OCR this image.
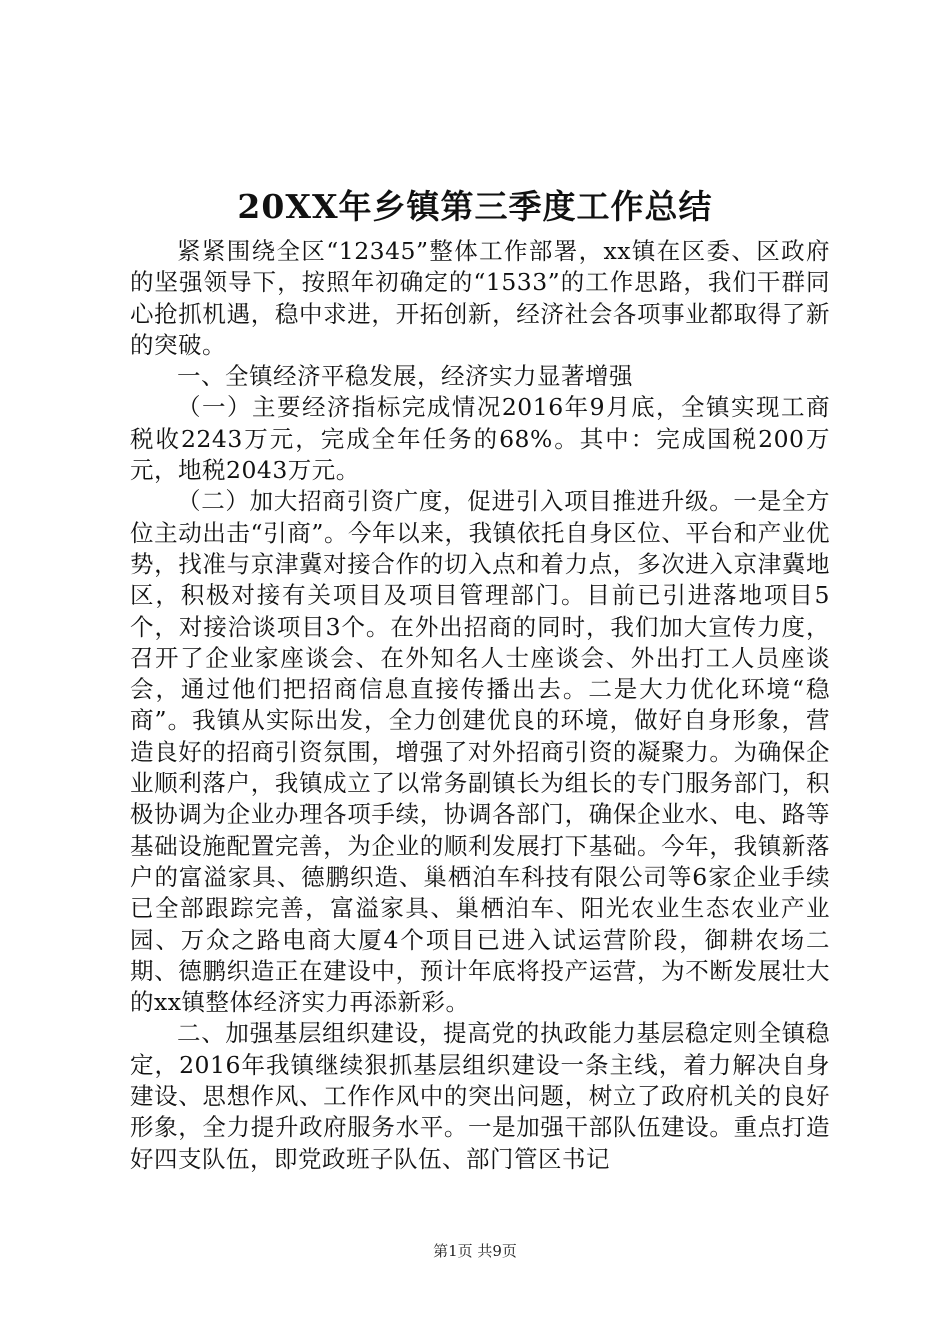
20XX年乡镇第三季度工作总结

紧紧围绕全区“12345”整体工作部署，xx镇在区委、区政府的坚强领导下，按照年初确定的“1533”的工作思路，我们干群同心抢抓机遇，稳中求进，开拓创新，经济社会各项事业都取得了新的突破。

一、全镇经济平稳发展，经济实力显著增强

（一）主要经济指标完成情况2016年9月底，全镇实现工商税收2243万元，完成全年任务的68%。其中：完成国税200万元，地税2043万元。

（二）加大招商引资广度，促进引入项目推进升级。一是全方位主动出击“引商”。今年以来，我镇依托自身区位、平台和产业优势，找准与京津冀对接合作的切入点和着力点，多次进入京津冀地区，积极对接有关项目及项目管理部门。目前已引进落地项目5个，对接洽谈项目3个。在外出招商的同时，我们加大宣传力度，召开了企业家座谈会、在外知名人士座谈会、外出打工人员座谈会，通过他们把招商信息直接传播出去。二是大力优化环境“稳商”。我镇从实际出发，全力创建优良的环境，做好自身形象，营造良好的招商引资氛围，增强了对外招商引资的凝聚力。为确保企业顺利落户，我镇成立了以常务副镇长为组长的专门服务部门，积极协调为企业办理各项手续，协调各部门，确保企业水、电、路等基础设施配置完善，为企业的顺利发展打下基础。今年，我镇新落户的富溢家具、德鹏织造、巢栖泊车科技有限公司等6家企业手续已全部跟踪完善，富溢家具、巢栖泊车、阳光农业生态农业产业园、万众之路电商大厦4个项目已进入试运营阶段，御耕农场二期、德鹏织造正在建设中，预计年底将投产运营，为不断发展壮大的xx镇整体经济实力再添新彩。

二、加强基层组织建设，提高党的执政能力基层稳定则全镇稳定，2016年我镇继续狠抓基层组织建设一条主线，着力解决自身建设、思想作风、工作作风中的突出问题，树立了政府机关的良好形象，全力提升政府服务水平。一是加强干部队伍建设。重点打造好四支队伍，即党政班子队伍、部门管区书记

第1页 共9页
